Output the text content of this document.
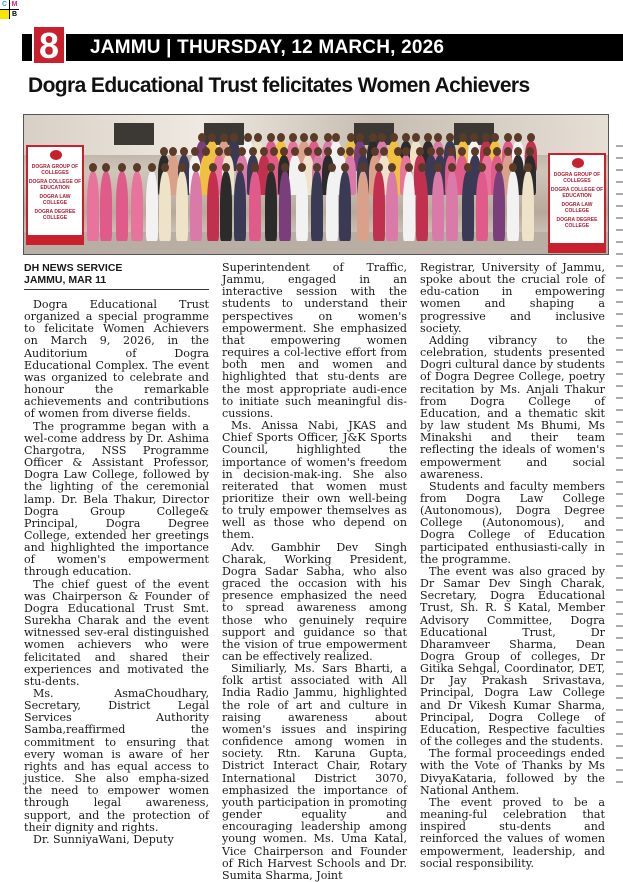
C M
B
8	JAMMU | THURSDAY, 12 MARCH, 2026
Dogra Educational Trust felicitates Women Achievers
DOGRA GROUP OF COLLEGES
DOGRA COLLEGE OF EDUCATION
DOGRA LAW COLLEGE
DOGRA DEGREE COLLEGE
DOGRA GROUP OF COLLEGES
DOGRA COLLEGE OF EDUCATION
DOGRA LAW COLLEGE
DOGRA DEGREE COLLEGE
DH NEWS SERVICE
JAMMU, MAR 11

Dogra Educational Trust organized a special programme to felicitate Women Achievers on March 9, 2026, in the Auditorium of Dogra Educational Complex. The event was organized to celebrate and honour the remarkable achievements and contributions of women from diverse fields.

The programme began with a wel-come address by Dr. Ashima Chargotra, NSS Programme Officer & Assistant Professor, Dogra Law College, followed by the lighting of the ceremonial lamp. Dr. Bela Thakur, Director Dogra Group College& Principal, Dogra Degree College, extended her greetings and highlighted the importance of women's empowerment through education.

The chief guest of the event was Chairperson & Founder of Dogra Educational Trust Smt. Surekha Charak and the event witnessed sev-eral distinguished women achievers who were felicitated and shared their experiences and motivated the stu-dents.

Ms. AsmaChoudhary, Secretary, District Legal Services Authority Samba,reaffirmed the commitment to ensuring that every woman is aware of her rights and has equal access to justice. She also empha-sized the need to empower women through legal awareness, support, and the protection of their dignity and rights.

Dr. SunniyaWani, Deputy

Superintendent of Traffic, Jammu, engaged in an interactive session with the students to understand their perspectives on women's empowerment. She emphasized that empowering women requires a col-lective effort from both men and women and highlighted that stu-dents are the most appropriate audi-ence to initiate such meaningful dis-cussions.

Ms. Anissa Nabi, JKAS and Chief Sports Officer, J&K Sports Council, highlighted the importance of women's freedom in decision-mak-ing. She also reiterated that women must prioritize their own well-being to truly empower themselves as well as those who depend on them.

Adv. Gambhir Dev Singh Charak, Working President, Dogra Sadar Sabha, who also graced the occasion with his presence emphasized the need to spread awareness among those who genuinely require support and guidance so that the vision of true empowerment can be effectively realized.

Similiarly, Ms. Sars Bharti, a folk artist associated with All India Radio Jammu, highlighted the role of art and culture in raising awareness about women's issues and inspiring confidence among women in society. Rtn. Karuna Gupta, District Interact Chair, Rotary International District 3070, emphasized the importance of youth participation in promoting gender equality and encouraging leadership among young women. Ms. Uma Katal, Vice Chairperson and Founder of Rich Harvest Schools and Dr. Sumita Sharma, Joint

Registrar, University of Jammu, spoke about the crucial role of edu-cation in empowering women and shaping a progressive and inclusive society.

Adding vibrancy to the celebration, students presented Dogri cultural dance by students of Dogra Degree College, poetry recitation by Ms. Anjali Thakur from Dogra College of Education, and a thematic skit by law student Ms Bhumi, Ms Minakshi and their team reflecting the ideals of women's empowerment and social awareness.

Students and faculty members from Dogra Law College (Autonomous), Dogra Degree College (Autonomous), and Dogra College of Education participated enthusiasti-cally in the programme.

The event was also graced by Dr Samar Dev Singh Charak, Secretary, Dogra Educational Trust, Sh. R. S Katal, Member Advisory Committee, Dogra Educational Trust, Dr Dharamveer Sharma, Dean Dogra Group of colleges, Dr Gitika Sehgal, Coordinator, DET, Dr Jay Prakash Srivastava, Principal, Dogra Law College and Dr Vikesh Kumar Sharma, Principal, Dogra College of Education, Respective faculties of the colleges and the students.

The formal proceedings ended with the Vote of Thanks by Ms DivyaKataria, followed by the National Anthem.

The event proved to be a meaning-ful celebration that inspired stu-dents and reinforced the values of women empowerment, leadership, and social responsibility.
